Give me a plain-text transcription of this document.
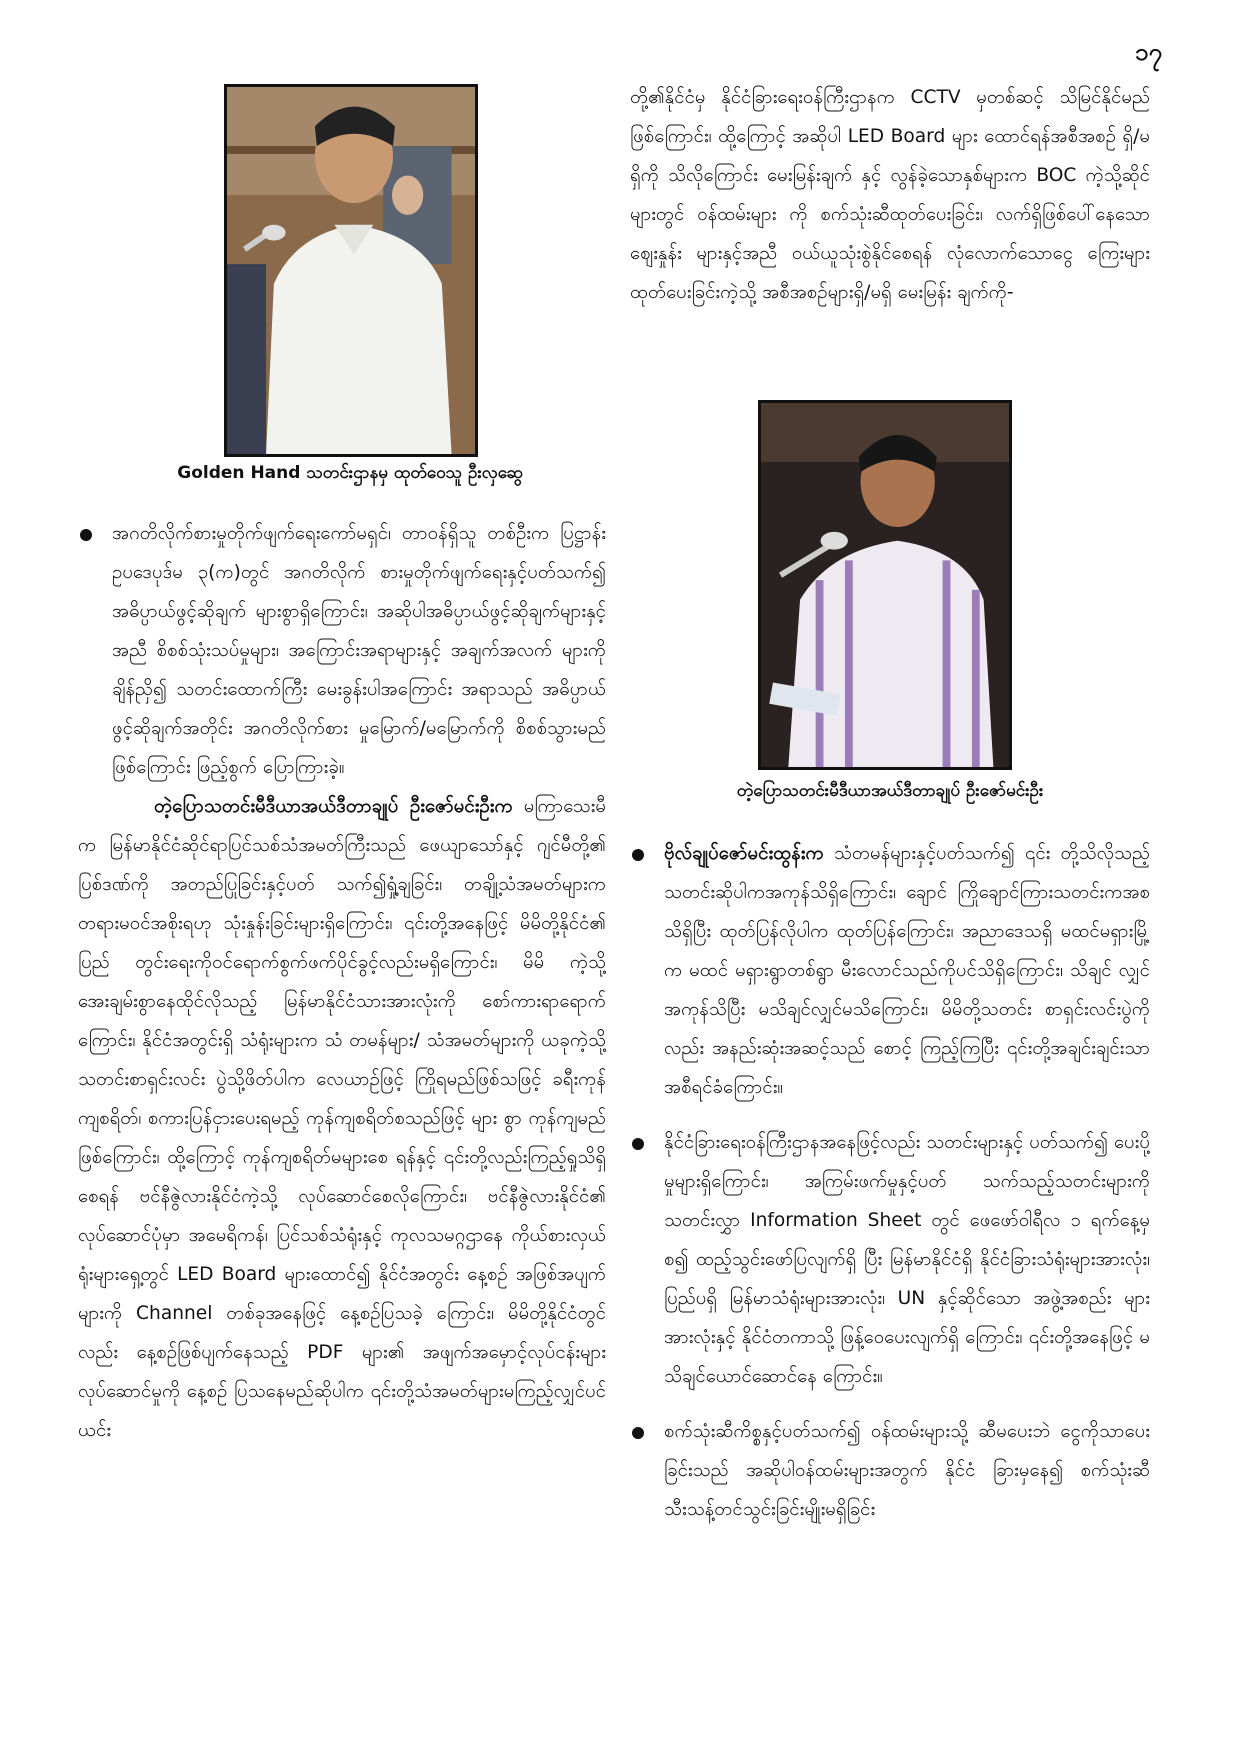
၁၇
Golden Hand သတင်းဌာနမှ ထုတ်ဝေသူ ဦးလှဆွေ
တဲ့ပြောသတင်းမီဒီယာအယ်ဒီတာချုပ် ဦးဇော်မင်းဦး

အဂတိလိုက်စားမှုတိုက်ဖျက်ရေးကော်မရှင်၊ တာဝန်ရှိသူ တစ်ဦးက ပြဋ္ဌာန်းဥပဒေပုဒ်မ ၃(က)တွင် အဂတိလိုက် စားမှုတိုက်ဖျက်ရေးနှင့်ပတ်သက်၍ အဓိပ္ပာယ်ဖွင့်ဆိုချက် များစွာရှိကြောင်း၊ အဆိုပါအဓိပ္ပာယ်ဖွင့်ဆိုချက်များနှင့်အညီ စိစစ်သုံးသပ်မှုများ၊ အကြောင်းအရာများနှင့် အချက်အလက် များကိုချိန်ညှိ၍ သတင်းထောက်ကြီး မေးခွန်းပါအကြောင်း အရာသည် အဓိပ္ပာယ်ဖွင့်ဆိုချက်အတိုင်း အဂတိလိုက်စား မှုမြောက်/မမြောက်ကို စိစစ်သွားမည်ဖြစ်ကြောင်း ဖြည့်စွက် ပြောကြားခဲ့။

တဲ့ပြောသတင်းမီဒီယာအယ်ဒီတာချုပ် ဦးဇော်မင်းဦးက မကြာသေးမီက မြန်မာနိုင်ငံဆိုင်ရာပြင်သစ်သံအမတ်ကြီးသည် ဖေယျာသော်နှင့် ဂျင်မီတို့၏ ပြစ်ဒဏ်ကို အတည်ပြုခြင်းနှင့်ပတ် သက်၍ရှုံ့ချခြင်း၊ တချို့သံအမတ်များက တရားမဝင်အစိုးရဟု သုံးနှုန်းခြင်းများရှိကြောင်း၊ ၎င်းတို့အနေဖြင့် မိမိတို့နိုင်ငံ၏ ပြည် တွင်းရေးကိုဝင်ရောက်စွက်ဖက်ပိုင်ခွင့်လည်းမရှိကြောင်း၊ မိမိ ကဲ့သို့ အေးချမ်းစွာနေထိုင်လိုသည့် မြန်မာနိုင်ငံသားအားလုံးကို စော်ကားရာရောက်ကြောင်း၊ နိုင်ငံအတွင်းရှိ သံရုံးများက သံ တမန်များ/ သံအမတ်များကို ယခုကဲ့သို့ သတင်းစာရှင်းလင်း ပွဲသို့ဖိတ်ပါက လေယာဉ်ဖြင့် ကြိုရမည်ဖြစ်သဖြင့် ခရီးကုန် ကျစရိတ်၊ စကားပြန်ငှားပေးရမည့် ကုန်ကျစရိတ်စသည်ဖြင့် များ စွာ ကုန်ကျမည်ဖြစ်ကြောင်း၊ ထို့ကြောင့် ကုန်ကျစရိတ်မများစေ ရန်နှင့် ၎င်းတို့လည်းကြည့်ရှုသိရှိစေရန် ဗင်နီဇွဲလားနိုင်ငံကဲ့သို့ လုပ်ဆောင်စေလိုကြောင်း၊ ဗင်နီဇွဲလားနိုင်ငံ၏ လုပ်ဆောင်ပုံမှာ အမေရိကန်၊ ပြင်သစ်သံရုံးနှင့် ကုလသမဂ္ဂဌာနေ ကိုယ်စားလှယ် ရုံးများရှေ့တွင် LED Board များထောင်၍ နိုင်ငံအတွင်း နေ့စဉ် အဖြစ်အပျက်များကို Channel တစ်ခုအနေဖြင့် နေ့စဉ်ပြသခဲ့ ကြောင်း၊ မိမိတို့နိုင်ငံတွင်လည်း နေ့စဉ်ဖြစ်ပျက်နေသည့် PDF များ၏ အဖျက်အမှောင့်လုပ်ငန်းများလုပ်ဆောင်မှုကို နေ့စဉ် ပြသနေမည်ဆိုပါက ၎င်းတို့သံအမတ်များမကြည့်လျှင်ပင် ယင်း

တို့၏နိုင်ငံမှ နိုင်ငံခြားရေးဝန်ကြီးဌာနက CCTV မှတစ်ဆင့် သိမြင်နိုင်မည်ဖြစ်ကြောင်း၊ ထို့ကြောင့် အဆိုပါ LED Board များ ထောင်ရန်အစီအစဉ် ရှိ/မရှိကို သိလိုကြောင်း မေးမြန်းချက် နှင့် လွန်ခဲ့သောနှစ်များက BOC ကဲ့သို့ဆိုင်များတွင် ဝန်ထမ်းများ ကို စက်သုံးဆီထုတ်ပေးခြင်း၊ လက်ရှိဖြစ်ပေါ်နေသော ဈေးနှုန်း များနှင့်အညီ ဝယ်ယူသုံးစွဲနိုင်စေရန် လုံလောက်သောငွေ ကြေးများထုတ်ပေးခြင်းကဲ့သို့ အစီအစဉ်များရှိ/မရှိ မေးမြန်း ချက်ကို-

ဗိုလ်ချုပ်ဇော်မင်းထွန်းက သံတမန်များနှင့်ပတ်သက်၍ ၎င်း တို့သိလိုသည့် သတင်းဆိုပါကအကုန်သိရှိကြောင်း၊ ချောင် ကြိုချောင်ကြားသတင်းကအစသိရှိပြီး ထုတ်ပြန်လိုပါက ထုတ်ပြန်ကြောင်း၊ အညာဒေသရှိ မထင်မရှားမြို့က မထင် မရှားရွာတစ်ရွာ မီးလောင်သည်ကိုပင်သိရှိကြောင်း၊ သိချင် လျှင်အကုန်သိပြီး မသိချင်လျှင်မသိကြောင်း၊ မိမိတို့သတင်း စာရှင်းလင်းပွဲကိုလည်း အနည်းဆုံးအဆင့်သည် စောင့် ကြည့်ကြပြီး ၎င်းတို့အချင်းချင်းသာ အစီရင်ခံကြောင်း။

နိုင်ငံခြားရေးဝန်ကြီးဌာနအနေဖြင့်လည်း သတင်းများနှင့် ပတ်သက်၍ ပေးပို့မှုများရှိကြောင်း၊ အကြမ်းဖက်မှုနှင့်ပတ် သက်သည့်သတင်းများကို သတင်းလွှာ Information Sheet တွင် ဖေဖော်ဝါရီလ ၁ ရက်နေ့မှစ၍ ထည့်သွင်းဖော်ပြလျက်ရှိ ပြီး မြန်မာနိုင်ငံရှိ နိုင်ငံခြားသံရုံးများအားလုံး၊ ပြည်ပရှိ မြန်မာသံရုံးများအားလုံး၊ UN နှင့်ဆိုင်သော အဖွဲ့အစည်း များအားလုံးနှင့် နိုင်ငံတကာသို့ ဖြန့်ဝေပေးလျက်ရှိ ကြောင်း၊ ၎င်းတို့အနေဖြင့် မသိချင်ယောင်ဆောင်နေ ကြောင်း။

စက်သုံးဆီကိစ္စနှင့်ပတ်သက်၍ ဝန်ထမ်းများသို့ ဆီမပေးဘဲ ငွေကိုသာပေးခြင်းသည် အဆိုပါဝန်ထမ်းများအတွက် နိုင်ငံ ခြားမှနေ၍ စက်သုံးဆီ သီးသန့်တင်သွင်းခြင်းမျိုးမရှိခြင်း
